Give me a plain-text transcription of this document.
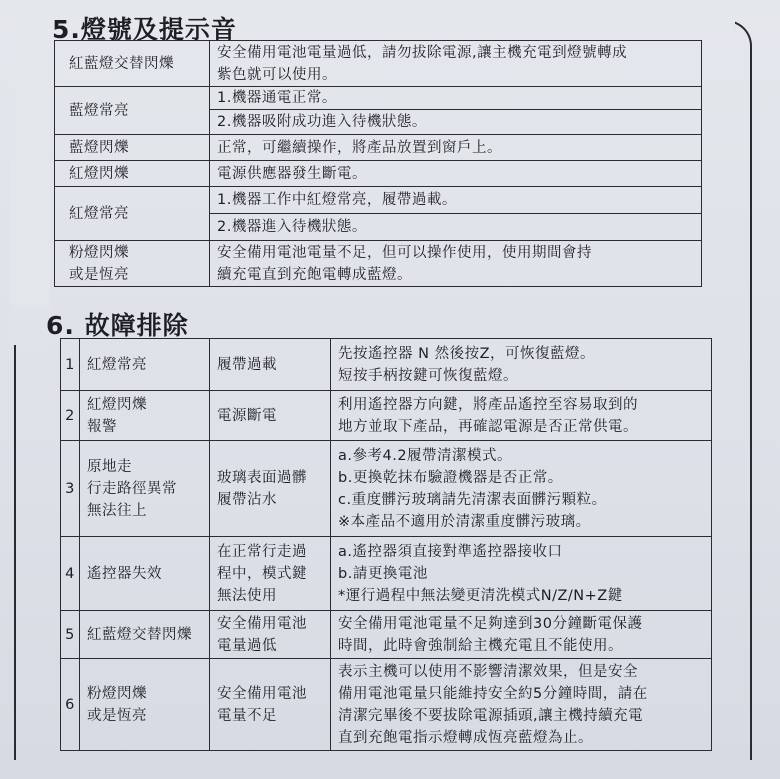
5.燈號及提示音
紅藍燈交替閃爍	安全備用電池電量過低，請勿拔除電源,讓主機充電到燈號轉成
紫色就可以使用。
藍燈常亮	1.機器通電正常。
	2.機器吸附成功進入待機狀態。
藍燈閃爍	正常，可繼續操作，將產品放置到窗戶上。
紅燈閃爍	電源供應器發生斷電。
紅燈常亮	1.機器工作中紅燈常亮，履帶過載。
	2.機器進入待機狀態。
粉燈閃爍
或是恆亮	安全備用電池電量不足，但可以操作使用，使用期間會持
續充電直到充飽電轉成藍燈。
6. 故障排除
1	紅燈常亮	履帶過載	先按遙控器 N 然後按Z，可恢復藍燈。
短按手柄按鍵可恢復藍燈。
2	紅燈閃爍
報警	電源斷電	利用遙控器方向鍵，將產品遙控至容易取到的
地方並取下產品，再確認電源是否正常供電。
3	原地走
行走路徑異常
無法往上	玻璃表面過髒
履帶沾水	a.參考4.2履帶清潔模式。
b.更換乾抹布驗證機器是否正常。
c.重度髒污玻璃請先清潔表面髒污顆粒。
※本產品不適用於清潔重度髒污玻璃。
4	遙控器失效	在正常行走過
程中，模式鍵
無法使用	a.遙控器須直接對準遙控器接收口
b.請更換電池
*運行過程中無法變更清洗模式N/Z/N+Z鍵
5	紅藍燈交替閃爍	安全備用電池
電量過低	安全備用電池電量不足夠達到30分鐘斷電保護
時間，此時會強制給主機充電且不能使用。
6	粉燈閃爍
或是恆亮	安全備用電池
電量不足	表示主機可以使用不影響清潔效果，但是安全
備用電池電量只能維持安全約5分鐘時間，請在
清潔完畢後不要拔除電源插頭,讓主機持續充電
直到充飽電指示燈轉成恆亮藍燈為止。
